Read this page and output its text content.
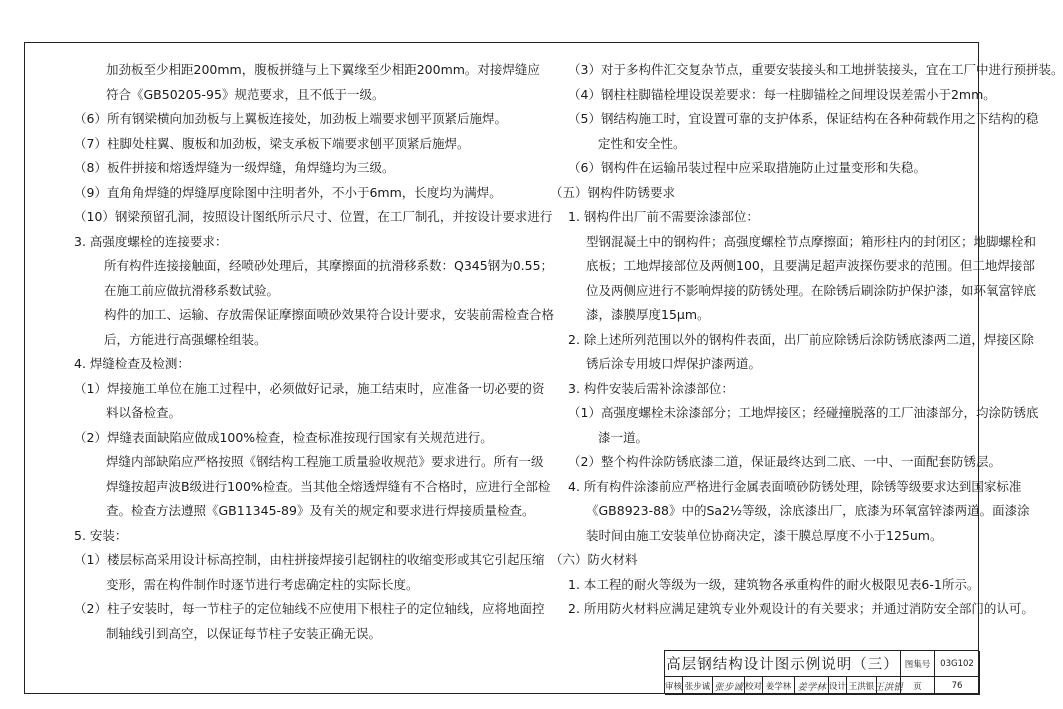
加劲板至少相距200mm，腹板拼缝与上下翼缘至少相距200mm。对接焊缝应
符合《GB50205-95》规范要求，且不低于一级。
（6）所有钢梁横向加劲板与上翼板连接处，加劲板上端要求刨平顶紧后施焊。
（7）柱脚处柱翼、腹板和加劲板，梁支承板下端要求刨平顶紧后施焊。
（8）板件拼接和熔透焊缝为一级焊缝，角焊缝均为三级。
（9）直角角焊缝的焊缝厚度除图中注明者外，不小于6mm，长度均为满焊。
（10）钢梁预留孔洞，按照设计图纸所示尺寸、位置，在工厂制孔，并按设计要求进行
3. 高强度螺栓的连接要求：
所有构件连接接触面，经喷砂处理后，其摩擦面的抗滑移系数：Q345钢为0.55；
在施工前应做抗滑移系数试验。
构件的加工、运输、存放需保证摩擦面喷砂效果符合设计要求，安装前需检查合格
后，方能进行高强螺栓组装。
4. 焊缝检查及检测：
（1）焊接施工单位在施工过程中，必须做好记录，施工结束时，应准备一切必要的资
料以备检查。
（2）焊缝表面缺陷应做成100%检查，检查标准按现行国家有关规范进行。
焊缝内部缺陷应严格按照《钢结构工程施工质量验收规范》要求进行。所有一级
焊缝按超声波B级进行100%检查。当其他全熔透焊缝有不合格时，应进行全部检
查。检查方法遵照《GB11345-89》及有关的规定和要求进行焊接质量检查。
5. 安装：
（1）楼层标高采用设计标高控制，由柱拼接焊接引起钢柱的收缩变形或其它引起压缩
变形，需在构件制作时逐节进行考虑确定柱的实际长度。
（2）柱子安装时，每一节柱子的定位轴线不应使用下根柱子的定位轴线，应将地面控
制轴线引到高空，以保证每节柱子安装正确无误。
（3）对于多构件汇交复杂节点，重要安装接头和工地拼装接头，宜在工厂中进行预拼装。
（4）钢柱柱脚锚栓埋设误差要求：每一柱脚锚栓之间埋设误差需小于2mm。
（5）钢结构施工时，宜设置可靠的支护体系，保证结构在各种荷载作用之下结构的稳
定性和安全性。
（6）钢构件在运输吊装过程中应采取措施防止过量变形和失稳。
（五）钢构件防锈要求
1. 钢构件出厂前不需要涂漆部位：
型钢混凝土中的钢构件；高强度螺栓节点摩擦面；箱形柱内的封闭区；地脚螺栓和
底板；工地焊接部位及两侧100，且要满足超声波探伤要求的范围。但工地焊接部
位及两侧应进行不影响焊接的防锈处理。在除锈后刷涂防护保护漆，如环氧富锌底
漆，漆膜厚度15μm。
2. 除上述所列范围以外的钢构件表面，出厂前应除锈后涂防锈底漆两二道，焊接区除
锈后涂专用坡口焊保护漆两道。
3. 构件安装后需补涂漆部位：
（1）高强度螺栓未涂漆部分；工地焊接区；经碰撞脱落的工厂油漆部分，均涂防锈底
漆一道。
（2）整个构件涂防锈底漆二道，保证最终达到二底、一中、一面配套防锈层。
4. 所有构件涂漆前应严格进行金属表面喷砂防锈处理，除锈等级要求达到国家标准
《GB8923-88》中的Sa2½等级，涂底漆出厂，底漆为环氧富锌漆两道。面漆涂
装时间由施工安装单位协商决定，漆干膜总厚度不小于125um。
（六）防火材料
1. 本工程的耐火等级为一级，建筑物各承重构件的耐火极限见表6-1所示。
2. 所用防火材料应满足建筑专业外观设计的有关要求；并通过消防安全部门的认可。
高层钢结构设计图示例说明（三） 图集号	03G102
审核 张步诚 张步诚 校对 姜学林 姜学林 设计 王洪银 王洪银	页	76
